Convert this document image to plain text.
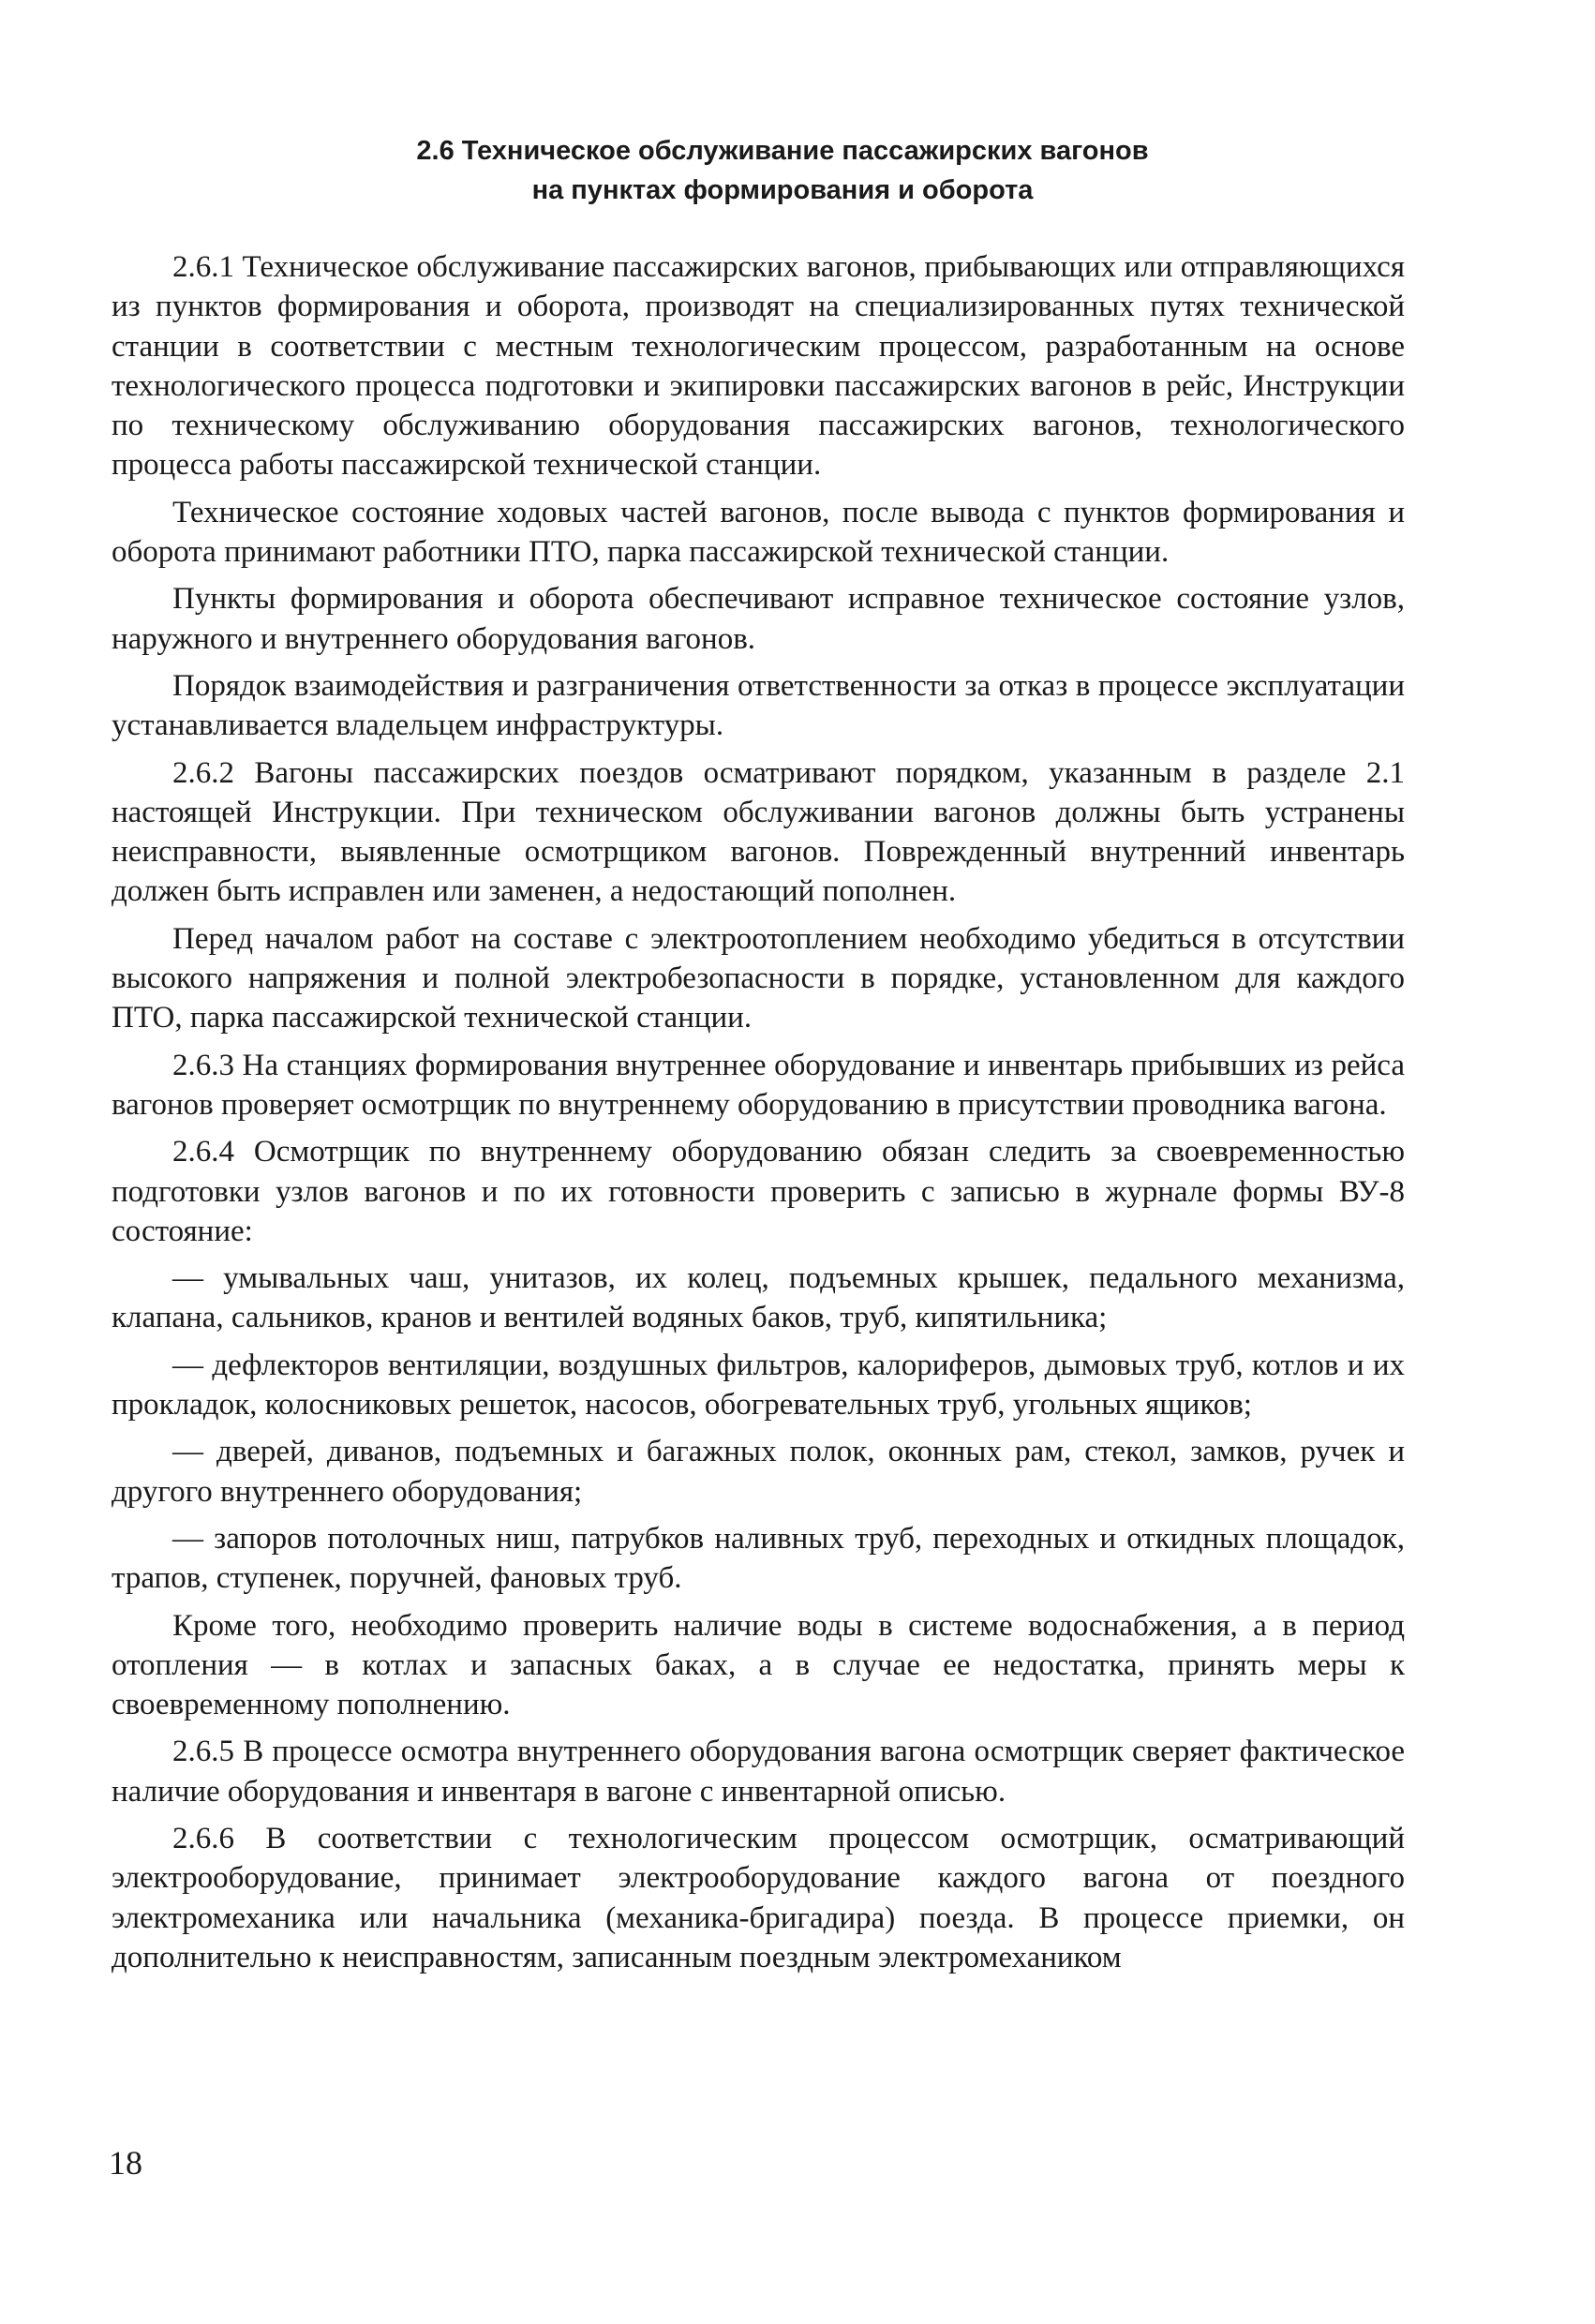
2.6 Техническое обслуживание пассажирских вагонов
на пунктах формирования и оборота

2.6.1 Техническое обслуживание пассажирских вагонов, прибывающих или отправляющихся из пунктов формирования и оборота, производят на специализированных путях технической станции в соответствии с местным технологическим процессом, разработанным на основе технологического процесса подготовки и экипировки пассажирских вагонов в рейс, Инструкции по техническому обслуживанию оборудования пассажирских вагонов, технологического процесса работы пассажирской технической станции.

Техническое состояние ходовых частей вагонов, после вывода с пунктов формирования и оборота принимают работники ПТО, парка пассажирской технической станции.

Пункты формирования и оборота обеспечивают исправное техническое состояние узлов, наружного и внутреннего оборудования вагонов.

Порядок взаимодействия и разграничения ответственности за отказ в процессе эксплуатации устанавливается владельцем инфраструктуры.

2.6.2 Вагоны пассажирских поездов осматривают порядком, указанным в разделе 2.1 настоящей Инструкции. При техническом обслуживании вагонов должны быть устранены неисправности, выявленные осмотрщиком вагонов. Поврежденный внутренний инвентарь должен быть исправлен или заменен, а недостающий пополнен.

Перед началом работ на составе с электроотоплением необходимо убедиться в отсутствии высокого напряжения и полной электробезопасности в порядке, установленном для каждого ПТО, парка пассажирской технической станции.

2.6.3 На станциях формирования внутреннее оборудование и инвентарь прибывших из рейса вагонов проверяет осмотрщик по внутреннему оборудованию в присутствии проводника вагона.

2.6.4 Осмотрщик по внутреннему оборудованию обязан следить за своевременностью подготовки узлов вагонов и по их готовности проверить с записью в журнале формы ВУ-8 состояние:

— умывальных чаш, унитазов, их колец, подъемных крышек, педального механизма, клапана, сальников, кранов и вентилей водяных баков, труб, кипятильника;

— дефлекторов вентиляции, воздушных фильтров, калориферов, дымовых труб, котлов и их прокладок, колосниковых решеток, насосов, обогревательных труб, угольных ящиков;

— дверей, диванов, подъемных и багажных полок, оконных рам, стекол, замков, ручек и другого внутреннего оборудования;

— запоров потолочных ниш, патрубков наливных труб, переходных и откидных площадок, трапов, ступенек, поручней, фановых труб.

Кроме того, необходимо проверить наличие воды в системе водоснабжения, а в период отопления — в котлах и запасных баках, а в случае ее недостатка, принять меры к своевременному пополнению.

2.6.5 В процессе осмотра внутреннего оборудования вагона осмотрщик сверяет фактическое наличие оборудования и инвентаря в вагоне с инвентарной описью.

2.6.6 В соответствии с технологическим процессом осмотрщик, осматривающий электрооборудование, принимает электрооборудование каждого вагона от поездного электромеханика или начальника (механика-бригадира) поезда. В процессе приемки, он дополнительно к неисправностям, записанным поездным электромехаником

18
